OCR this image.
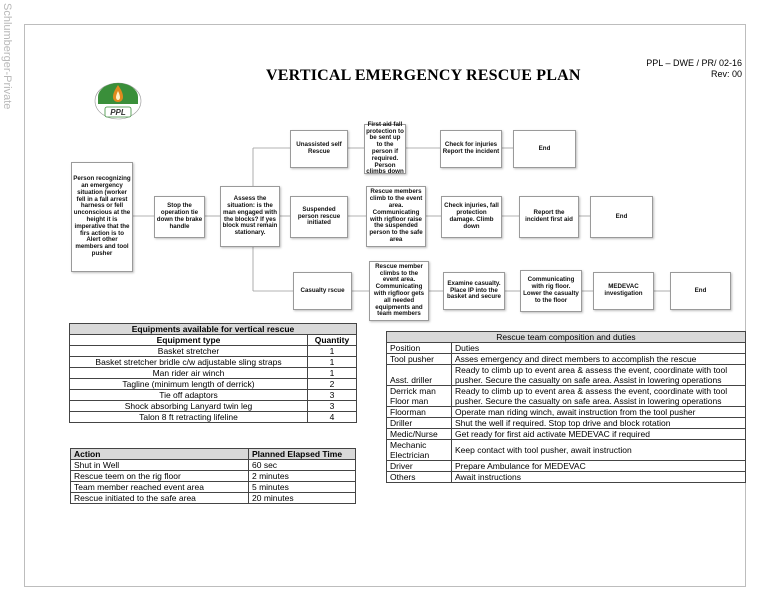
Schlumberger-Private	VERTICAL EMERGENCY RESCUE PLAN
PPL – DWE / PR/ 02-16
Rev: 00
PPL
Person recognizing an emergency situation (worker fell in a fall arrest harness or fell unconscious at the height it is imperative that the firs action is to Alert other members and tool pusher
Stop the operation tie down the brake handle
Assess the situation: is the man engaged with the blocks? If yes block must remain stationary.
Unassisted self Rescue
First aid fall protection to be sent up to the person if required. Person climbs down
Check for injuries Report the incident	End
Suspended person rescue initiated
Rescue members climb to the event area. Communicating with rigfloor raise the suspended person to the safe area
Check injuries, fall protection damage. Climb down
Report the incident first aid	End
Casualty rscue
Rescue member climbs to the event area. Communicating with rigfloor gets all needed equipments and team members
Examine casualty. Place IP into the basket and secure
Communicating with rig floor. Lower the casualty to the floor
MEDEVAC investigation	End
Equipments available for vertical rescue	
Equipment type	Quantity
Basket stretcher	1
Basket stretcher bridle c/w adjustable sling straps	1
Man rider air winch	1
Tagline (minimum length of derrick)	2
Tie off adaptors	3
Shock absorbing Lanyard twin leg	3
Talon 8 ft retracting lifeline	4
Action	Planned Elapsed Time
Shut in Well	60 sec
Rescue teem on the rig floor	2 minutes
Team member reached event area	5 minutes
Rescue initiated to the safe area	20 minutes
Rescue team composition and duties	
Position	Duties
Tool pusher	Asses emergency and direct members to accomplish the rescue
Asst. driller	Ready to climb up to event area & assess the event, coordinate with tool pusher. Secure the casualty on safe area. Assist in lowering operations
Derrick man Floor man	Ready to climb up to event area & assess the event, coordinate with tool pusher. Secure the casualty on safe area. Assist in lowering operations
Floorman	Operate man riding winch, await instruction from the tool pusher
Driller	Shut the well if required. Stop top drive and block rotation
Medic/Nurse	Get ready for first aid activate MEDEVAC if required
Mechanic Electrician	Keep contact with tool pusher, await instruction
Driver	Prepare Ambulance for MEDEVAC
Others	Await instructions
